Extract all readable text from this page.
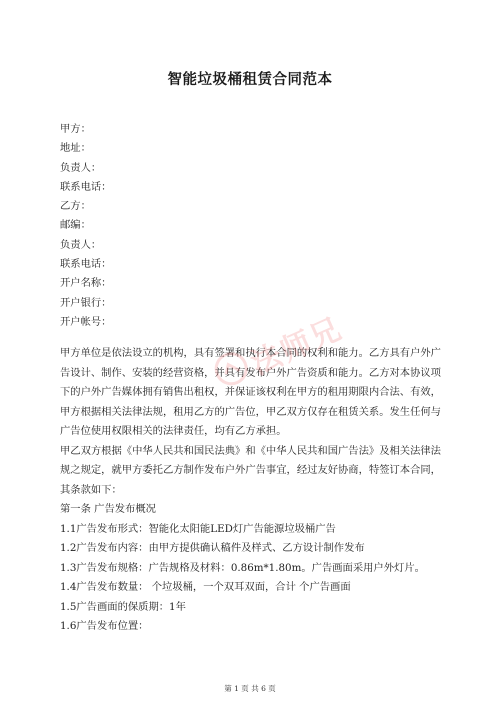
智能垃圾桶租赁合同范本
甲方：
地址：
负责人：
联系电话：
乙方：
邮编：
负责人：
联系电话：
开户名称：
开户银行：
开户帐号：
甲方单位是依法设立的机构，具有签署和执行本合同的权利和能力。乙方具有户外广
告设计、制作、安装的经营资格，并具有发布户外广告资质和能力。乙方对本协议项
下的户外广告媒体拥有销售出租权，并保证该权利在甲方的租用期限内合法、有效，
甲方根据相关法律法规，租用乙方的广告位，甲乙双方仅存在租赁关系。发生任何与
广告位使用权限相关的法律责任，均有乙方承担。
甲乙双方根据《中华人民共和国民法典》和《中华人民共和国广告法》及相关法律法
规之规定，就甲方委托乙方制作发布户外广告事宜，经过友好协商，特签订本合同，
其条款如下：
第一条 广告发布概况
1.1广告发布形式：智能化太阳能LED灯广告能源垃圾桶广告
1.2广告发布内容：由甲方提供确认稿件及样式、乙方设计制作发布
1.3广告发布规格：广告规格及材料：0.86m*1.80m。广告画面采用户外灯片。
1.4广告发布数量： 个垃圾桶，一个双耳双面，合计 个广告画面
1.5广告画面的保质期：1年
1.6广告发布位置：
第 1 页 共 6 页
法师兄
